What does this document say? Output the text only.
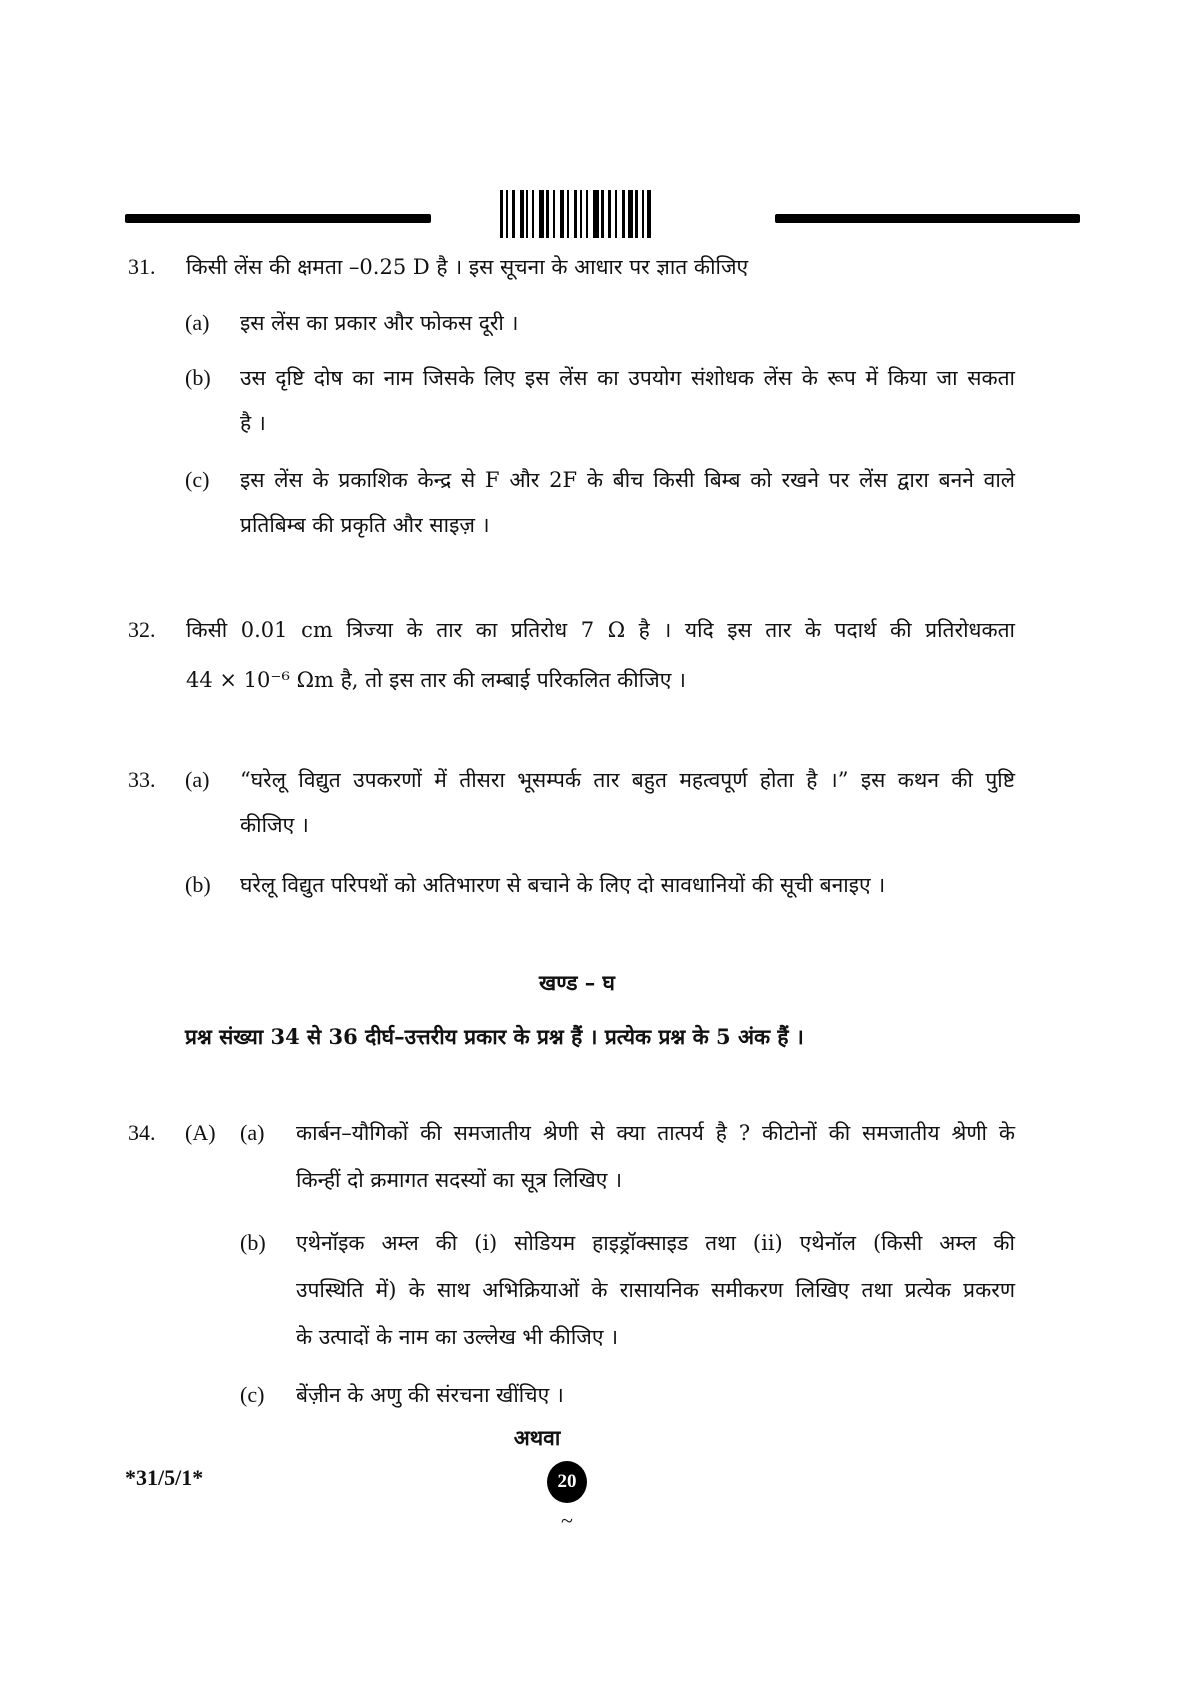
31. किसी लेंस की क्षमता –0.25 D है । इस सूचना के आधार पर ज्ञात कीजिए
(a) इस लेंस का प्रकार और फोकस दूरी ।
(b) उस दृष्टि दोष का नाम जिसके लिए इस लेंस का उपयोग संशोधक लेंस के रूप में किया जा सकता
है ।
(c) इस लेंस के प्रकाशिक केन्द्र से F और 2F के बीच किसी बिम्ब को रखने पर लेंस द्वारा बनने वाले
प्रतिबिम्ब की प्रकृति और साइज़ ।
32. किसी 0.01 cm त्रिज्या के तार का प्रतिरोध 7 Ω है । यदि इस तार के पदार्थ की प्रतिरोधकता
44 × 10⁻⁶ Ωm है, तो इस तार की लम्बाई परिकलित कीजिए ।
33. (a) “घरेलू विद्युत उपकरणों में तीसरा भूसम्पर्क तार बहुत महत्वपूर्ण होता है ।” इस कथन की पुष्टि
कीजिए ।
(b) घरेलू विद्युत परिपथों को अतिभारण से बचाने के लिए दो सावधानियों की सूची बनाइए ।
खण्ड – घ
प्रश्न संख्या 34 से 36 दीर्घ–उत्तरीय प्रकार के प्रश्न हैं । प्रत्येक प्रश्न के 5 अंक हैं ।
34. (A) (a) कार्बन–यौगिकों की समजातीय श्रेणी से क्या तात्पर्य है ? कीटोनों की समजातीय श्रेणी के
किन्हीं दो क्रमागत सदस्यों का सूत्र लिखिए ।
(b) एथेनॉइक अम्ल की (i) सोडियम हाइड्रॉक्साइड तथा (ii) एथेनॉल (किसी अम्ल की
उपस्थिति में) के साथ अभिक्रियाओं के रासायनिक समीकरण लिखिए तथा प्रत्येक प्रकरण
के उत्पादों के नाम का उल्लेख भी कीजिए ।
(c) बेंज़ीन के अणु की संरचना खींचिए ।
अथवा
*31/5/1*	20
~
